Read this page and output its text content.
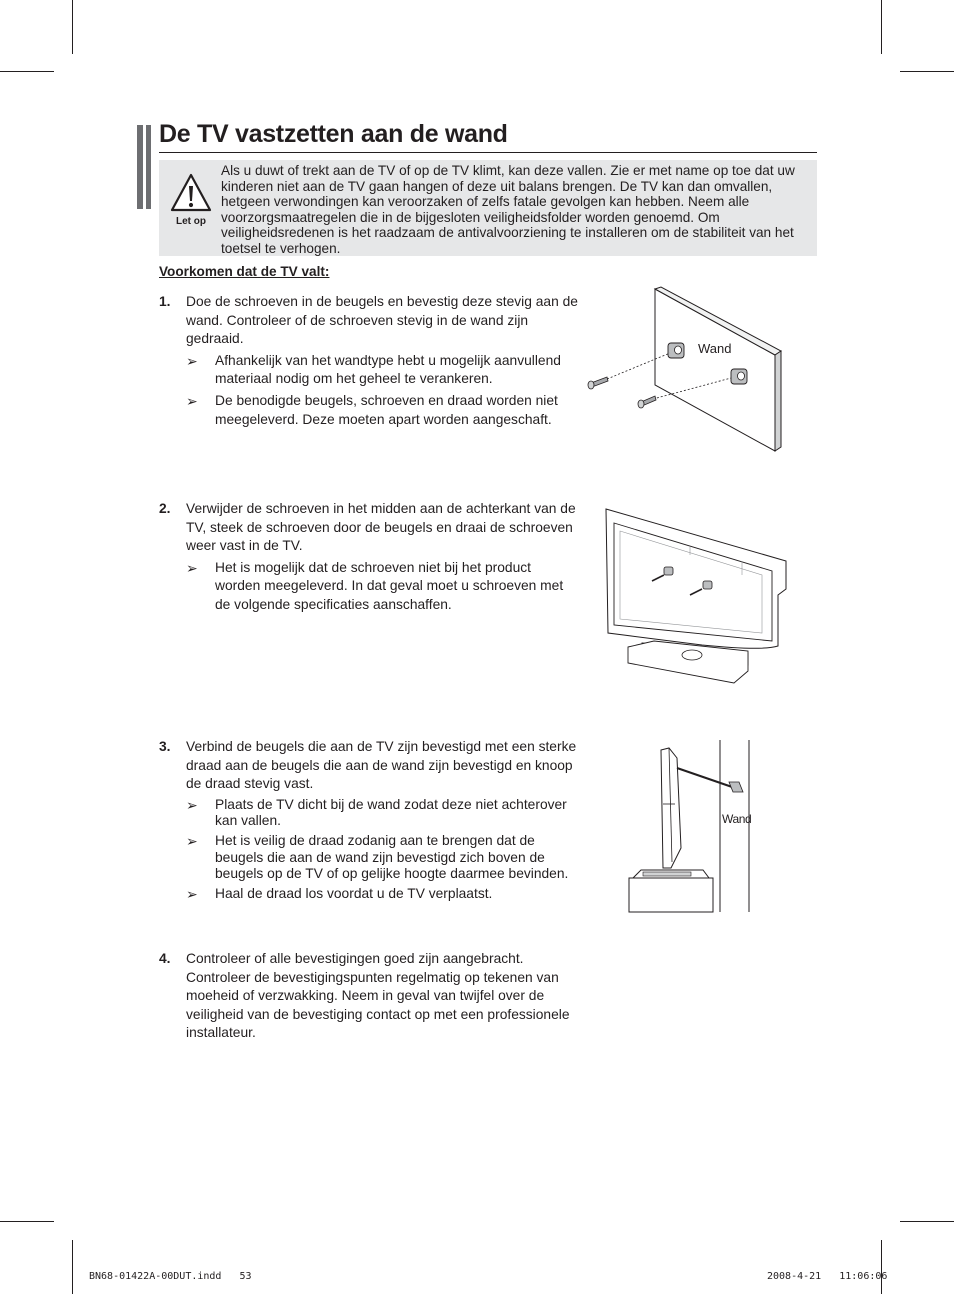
De TV vastzetten aan de wand
Let op
Als u duwt of trekt aan de TV of op de TV klimt, kan deze vallen. Zie er met name op toe dat uw kinderen niet aan de TV gaan hangen of deze uit balans brengen. De TV kan dan omvallen, hetgeen verwondingen kan veroorzaken of zelfs fatale gevolgen kan hebben. Neem alle voorzorgsmaatregelen die in de bijgesloten veiligheidsfolder worden genoemd. Om veiligheidsredenen is het raadzaam de antivalvoorziening te installeren om de stabiliteit van het toetsel te verhogen.
Voorkomen dat de TV valt:
1. Doe de schroeven in de beugels en bevestig deze stevig aan de wand. Controleer of de schroeven stevig in de wand zijn gedraaid.
➢ Afhankelijk van het wandtype hebt u mogelijk aanvullend materiaal nodig om het geheel te verankeren.
➢ De benodigde beugels, schroeven en draad worden niet meegeleverd. Deze moeten apart worden aangeschaft.
2. Verwijder de schroeven in het midden aan de achterkant van de TV, steek de schroeven door de beugels en draai de schroeven weer vast in de TV.
➢ Het is mogelijk dat de schroeven niet bij het product worden meegeleverd. In dat geval moet u schroeven met de volgende specificaties aanschaffen.
3. Verbind de beugels die aan de TV zijn bevestigd met een sterke draad aan de beugels die aan de wand zijn bevestigd en knoop de draad stevig vast.
➢ Plaats de TV dicht bij de wand zodat deze niet achterover kan vallen.
➢ Het is veilig de draad zodanig aan te brengen dat de beugels die aan de wand zijn bevestigd zich boven de beugels op de TV of op gelijke hoogte daarmee bevinden.
➢ Haal de draad los voordat u de TV verplaatst.
4. Controleer of alle bevestigingen goed zijn aangebracht. Controleer de bevestigingspunten regelmatig op tekenen van moeheid of verzwakking. Neem in geval van twijfel over de veiligheid van de bevestiging contact op met een professionele installateur.
Wand
Wand
BN68-01422A-00DUT.indd   53	2008-4-21   11:06:06
